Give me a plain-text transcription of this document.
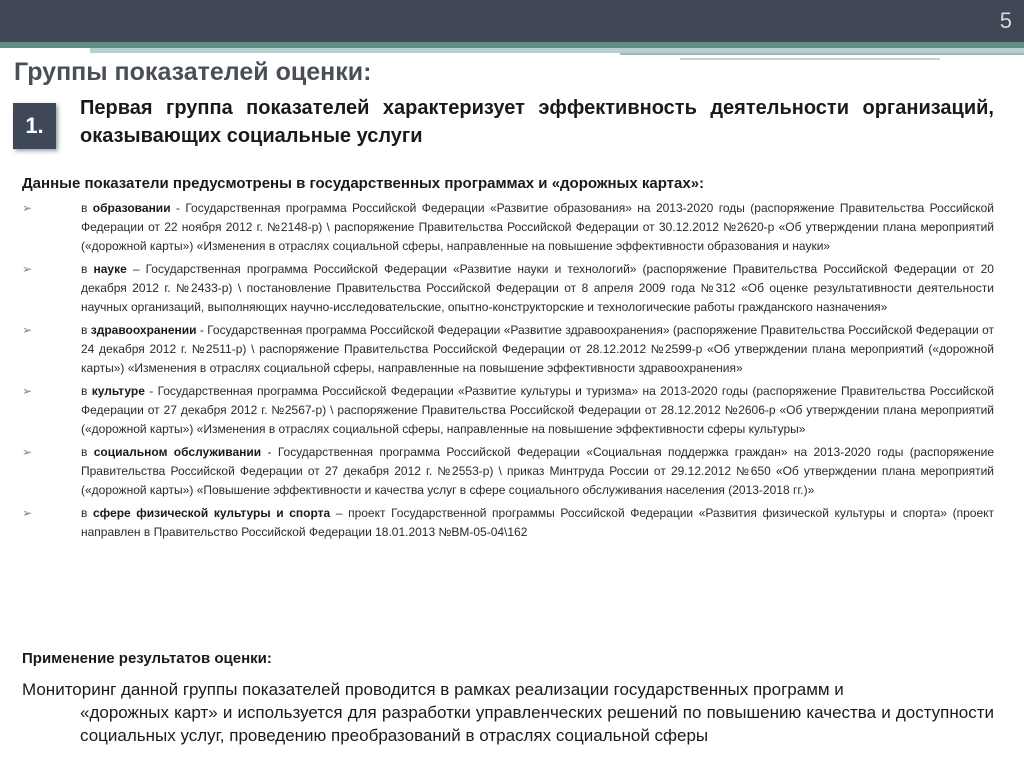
5
Группы показателей оценки:
1.
Первая группа показателей характеризует эффективность деятельности организаций, оказывающих социальные услуги
Данные показатели предусмотрены в государственных программах и «дорожных картах»:
➢	в образовании - Государственная программа Российской Федерации «Развитие образования» на 2013-2020 годы (распоряжение Правительства Российской Федерации от 22 ноября 2012 г. №2148-р) \ распоряжение Правительства Российской Федерации от 30.12.2012 №2620-р «Об утверждении плана мероприятий («дорожной карты») «Изменения в отраслях социальной сферы, направленные на повышение эффективности образования и науки»
➢	в науке – Государственная программа Российской Федерации «Развитие науки и технологий» (распоряжение Правительства Российской Федерации от 20 декабря 2012 г. №2433-р) \ постановление Правительства Российской Федерации от 8 апреля 2009 года №312 «Об оценке результативности деятельности научных организаций, выполняющих научно-исследовательские, опытно-конструкторские и технологические работы гражданского назначения»
➢	в здравоохранении - Государственная программа Российской Федерации «Развитие здравоохранения» (распоряжение Правительства Российской Федерации от 24 декабря 2012 г. №2511-р) \ распоряжение Правительства Российской Федерации от 28.12.2012 №2599-р «Об утверждении плана мероприятий («дорожной карты») «Изменения в отраслях социальной сферы, направленные на повышение эффективности здравоохранения»
➢	в культуре - Государственная программа Российской Федерации «Развитие культуры и туризма» на 2013-2020 годы (распоряжение Правительства Российской Федерации от 27 декабря 2012 г. №2567-р) \ распоряжение Правительства Российской Федерации от 28.12.2012 №2606-р «Об утверждении плана мероприятий («дорожной карты») «Изменения в отраслях социальной сферы, направленные на повышение эффективности сферы культуры»
➢	в социальном обслуживании - Государственная программа Российской Федерации «Социальная поддержка граждан» на 2013-2020 годы (распоряжение Правительства Российской Федерации от 27 декабря 2012 г. №2553-р) \ приказ Минтруда России от 29.12.2012 №650 «Об утверждении плана мероприятий («дорожной карты») «Повышение эффективности и качества услуг в сфере социального обслуживания населения (2013-2018 гг.)»
➢	в сфере физической культуры и спорта – проект Государственной программы Российской Федерации «Развития физической культуры и спорта» (проект направлен в Правительство Российской Федерации 18.01.2013 №ВМ-05-04\162
Применение результатов оценки:

Мониторинг данной группы показателей проводится в рамках реализации государственных программ и
«дорожных карт» и используется для разработки управленческих решений по повышению качества и доступности социальных услуг, проведению преобразований в отраслях социальной сферы
